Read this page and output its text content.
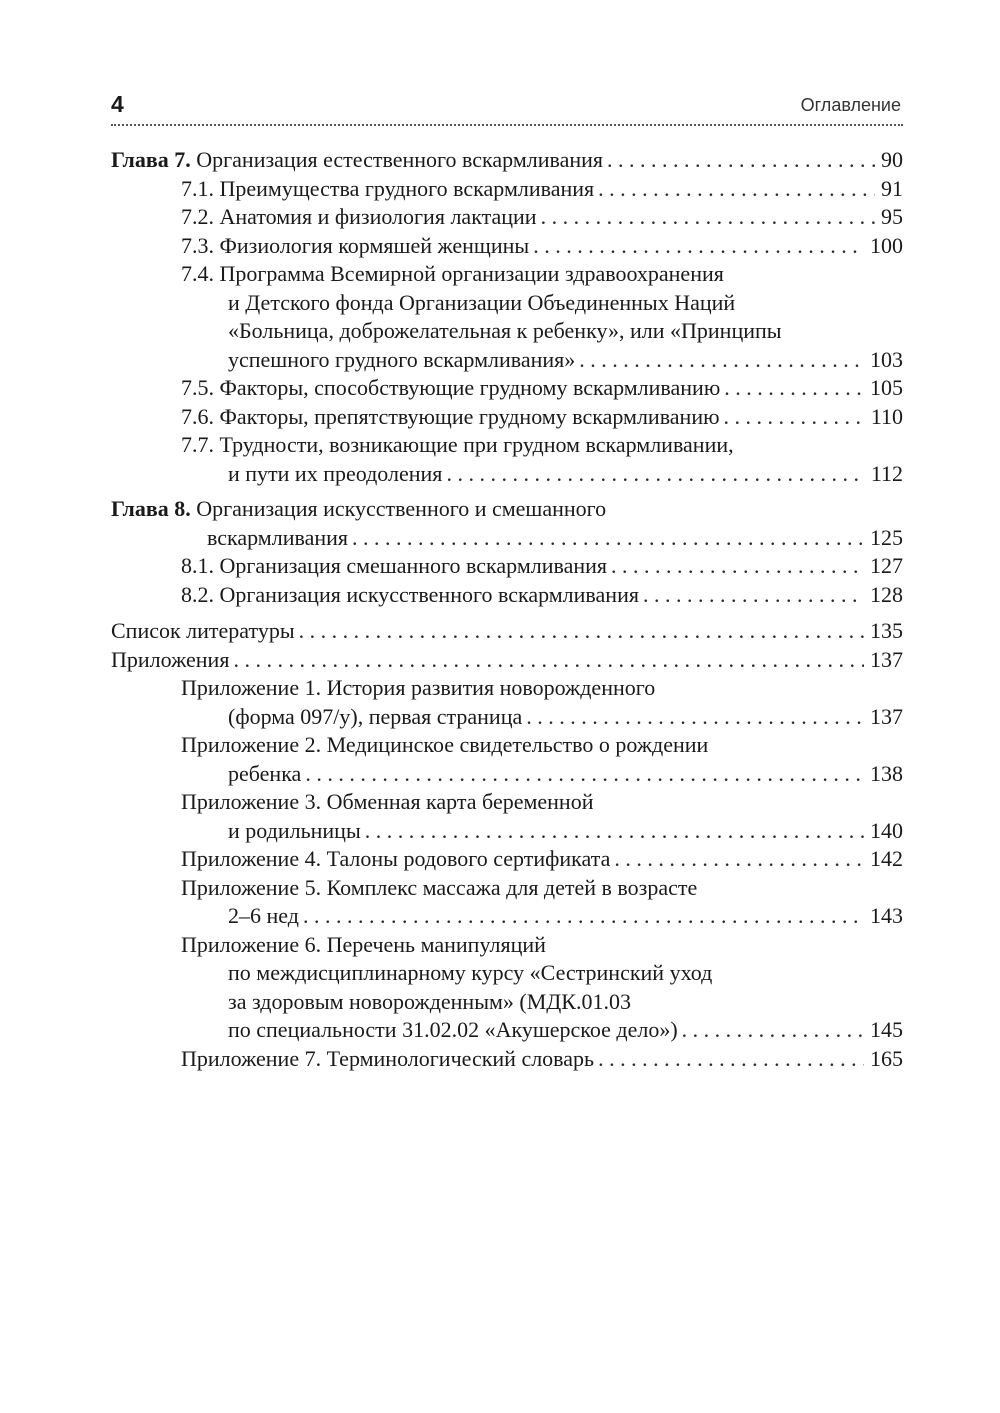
4	Оглавление
Глава 7. Организация естественного вскармливания . . .	90
7.1. Преимущества грудного вскармливания . . .	91
7.2. Анатомия и физиология лактации . . .	95
7.3. Физиология кормяшей женщины . . .	100
7.4. Программа Всемирной организации здравоохранения
и Детского фонда Организации Объединенных Наций
«Больница, доброжелательная к ребенку», или «Принципы
успешного грудного вскармливания» . . .	103
7.5. Факторы, способствующие грудному вскармливанию . . .	105
7.6. Факторы, препятствующие грудному вскармливанию . . .	110
7.7. Трудности, возникающие при грудном вскармливании,
и пути их преодоления . . .	112
Глава 8. Организация искусственного и смешанного
вскармливания . . .	125
8.1. Организация смешанного вскармливания . . .	127
8.2. Организация искусственного вскармливания . . .	128
Список литературы . . .	135
Приложения . . .	137
Приложение 1. История развития новорожденного
(форма 097/у), первая страница . . .	137
Приложение 2. Медицинское свидетельство о рождении
ребенка . . .	138
Приложение 3. Обменная карта беременной
и родильницы . . .	140
Приложение 4. Талоны родового сертификата . . .	142
Приложение 5. Комплекс массажа для детей в возрасте
2–6 нед . . .	143
Приложение 6. Перечень манипуляций
по междисциплинарному курсу «Сестринский уход
за здоровым новорожденным» (МДК.01.03
по специальности 31.02.02 «Акушерское дело») . . .	145
Приложение 7. Терминологический словарь . . .	165
